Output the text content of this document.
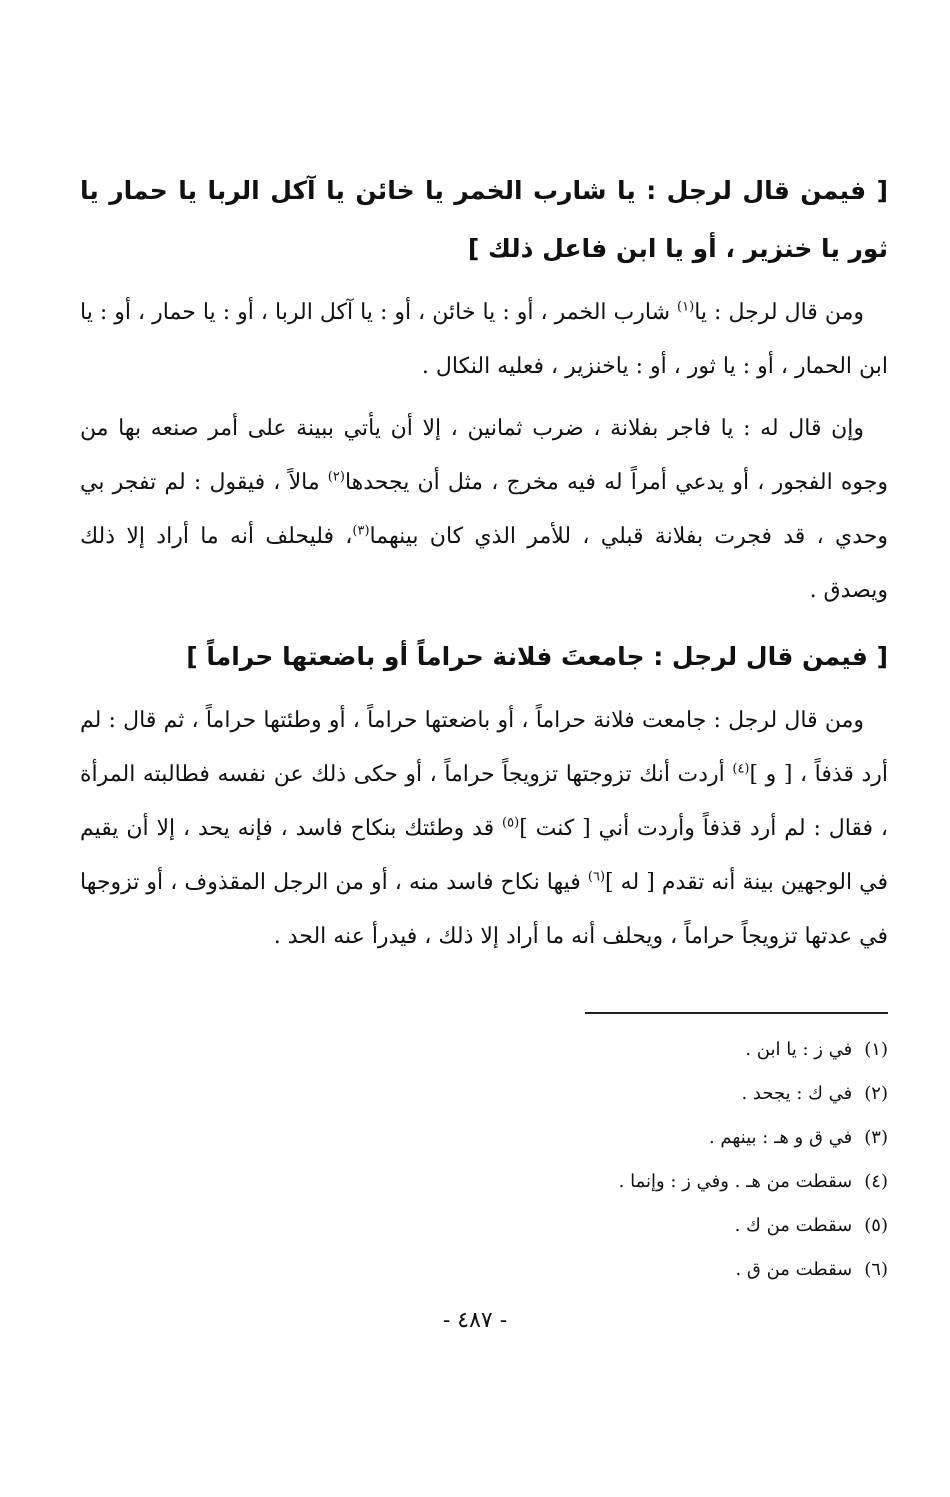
[ فيمن قال لرجل : يا شارب الخمر يا خائن يا آكل الربا يا حمار يا ثور يا خنزير ، أو يا ابن فاعل ذلك ]

ومن قال لرجل : يا$^{(١)}$ شارب الخمر ، أو : يا خائن ، أو : يا آكل الربا ، أو : يا حمار ، أو : يا ابن الحمار ، أو : يا ثور ، أو : ياخنزير ، فعليه النكال .

وإن قال له : يا فاجر بفلانة ، ضرب ثمانين ، إلا أن يأتي ببينة على أمر صنعه بها من وجوه الفجور ، أو يدعي أمراً له فيه مخرج ، مثل أن يجحدها$^{(٢)}$ مالاً ، فيقول : لم تفجر بي وحدي ، قد فجرت بفلانة قبلي ، للأمر الذي كان بينهما$^{(٣)}$، فليحلف أنه ما أراد إلا ذلك ويصدق .

[ فيمن قال لرجل : جامعتَ فلانة حراماً أو باضعتها حراماً ]

ومن قال لرجل : جامعت فلانة حراماً ، أو باضعتها حراماً ، أو وطئتها حراماً ، ثم قال : لم أرد قذفاً ، [ و ]$^{(٤)}$ أردت أنك تزوجتها تزويجاً حراماً ، أو حكى ذلك عن نفسه فطالبته المرأة ، فقال : لم أرد قذفاً وأردت أني [ كنت ]$^{(٥)}$ قد وطئتك بنكاح فاسد ، فإنه يحد ، إلا أن يقيم في الوجهين بينة أنه تقدم [ له ]$^{(٦)}$ فيها نكاح فاسد منه ، أو من الرجل المقذوف ، أو تزوجها في عدتها تزويجاً حراماً ، ويحلف أنه ما أراد إلا ذلك ، فيدرأ عنه الحد .

(١)في ز : يا ابن .
(٢)في ك : يجحد .
(٣)في ق و هـ : بينهم .
(٤)سقطت من هـ . وفي ز : وإنما .
(٥)سقطت من ك .
(٦)سقطت من ق .
- ٤٨٧ -
